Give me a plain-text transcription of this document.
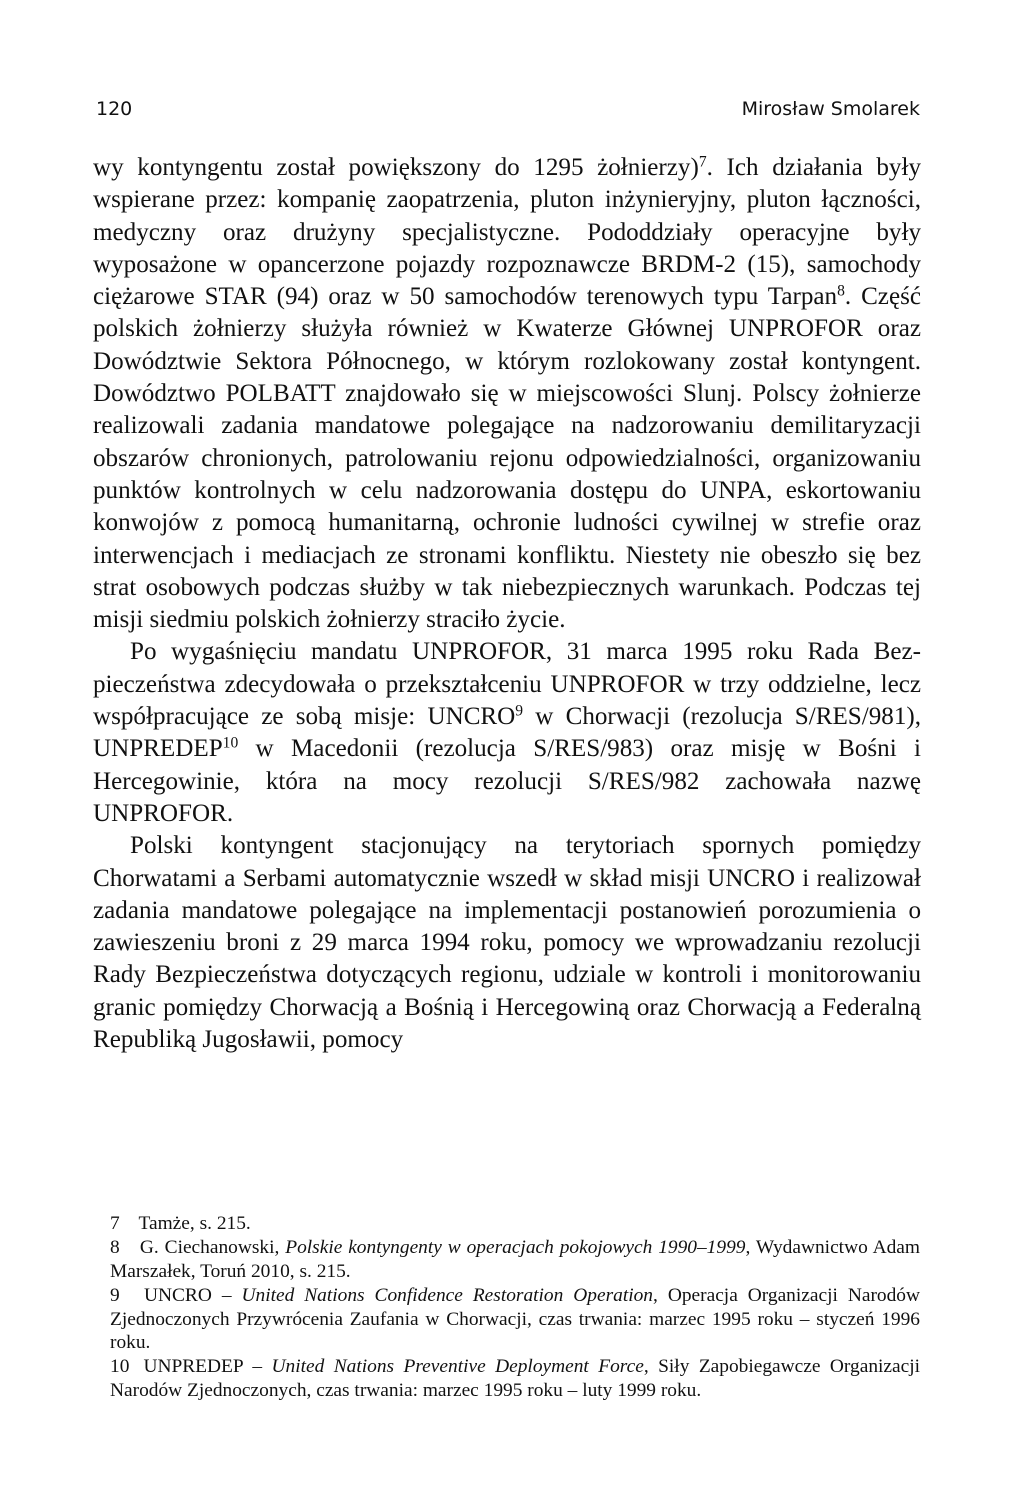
120	Mirosław Smolarek

wy kontyngentu został powiększony do 1295 żołnierzy)$^7$. Ich działania były wspierane przez: kompanię zaopatrzenia, pluton inżynieryjny, pluton łączności, medyczny oraz drużyny specjalistyczne. Pododdziały operacyjne były wyposażone w opancerzone pojazdy rozpoznawcze BRDM-2 (15), samochody ciężarowe STAR (94) oraz w 50 samochodów terenowych typu Tarpan$^8$. Część polskich żołnierzy służyła również w Kwaterze Głównej UNPROFOR oraz Dowództwie Sektora Północnego, w którym rozlokowany został kontyngent. Dowództwo POLBATT znajdowało się w miejscowości Slunj. Polscy żołnierze realizowali zadania mandatowe polegające na nadzorowaniu demilitaryzacji obszarów chronionych, patrolowaniu rejonu odpowiedzialności, organizowaniu punktów kontrolnych w celu nadzorowania dostępu do UNPA, eskortowaniu konwojów z pomocą humanitarną, ochronie ludności cywilnej w strefie oraz interwencjach i mediacjach ze stronami konfliktu. Niestety nie obeszło się bez strat osobowych podczas służby w tak niebezpiecznych warunkach. Podczas tej misji siedmiu polskich żołnierzy straciło życie.

Po wygaśnięciu mandatu UNPROFOR, 31 marca 1995 roku Rada Bezpieczeństwa zdecydowała o przekształceniu UNPROFOR w trzy oddzielne, lecz współpracujące ze sobą misje: UNCRO$^9$ w Chorwacji (rezolucja S/RES/981), UNPREDEP$^{10}$ w Macedonii (rezolucja S/RES/983) oraz misję w Bośni i Hercegowinie, która na mocy rezolucji S/RES/982 zachowała nazwę UNPROFOR.

Polski kontyngent stacjonujący na terytoriach spornych pomiędzy Chorwatami a Serbami automatycznie wszedł w skład misji UNCRO i realizował zadania mandatowe polegające na implementacji postanowień porozumienia o zawieszeniu broni z 29 marca 1994 roku, pomocy we wprowadzaniu rezolucji Rady Bezpieczeństwa dotyczących regionu, udziale w kontroli i monitorowaniu granic pomiędzy Chorwacją a Bośnią i Hercegowiną oraz Chorwacją a Federalną Republiką Jugosławii, pomocy

7 Tamże, s. 215.

8 G. Ciechanowski, Polskie kontyngenty w operacjach pokojowych 1990–1999, Wydawnictwo Adam Marszałek, Toruń 2010, s. 215.

9 UNCRO – United Nations Confidence Restoration Operation, Operacja Organizacji Narodów Zjednoczonych Przywrócenia Zaufania w Chorwacji, czas trwania: marzec 1995 roku – styczeń 1996 roku.

10 UNPREDEP – United Nations Preventive Deployment Force, Siły Zapobiegawcze Organizacji Narodów Zjednoczonych, czas trwania: marzec 1995 roku – luty 1999 roku.
